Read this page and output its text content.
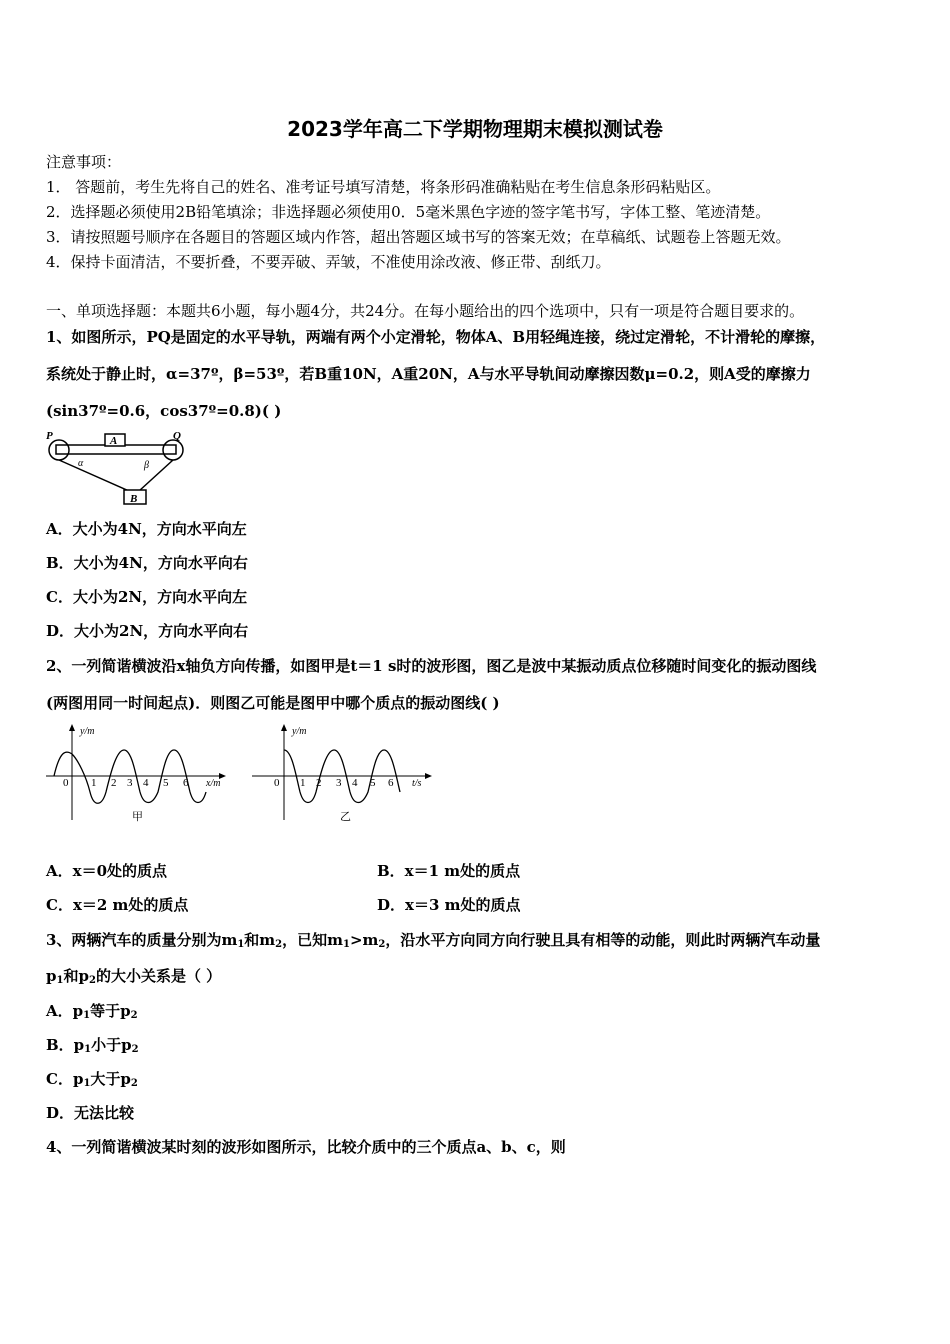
2023学年高二下学期物理期末模拟测试卷
注意事项：
1． 答题前，考生先将自己的姓名、准考证号填写清楚，将条形码准确粘贴在考生信息条形码粘贴区。
2．选择题必须使用2B铅笔填涂；非选择题必须使用0．5毫米黑色字迹的签字笔书写，字体工整、笔迹清楚。
3．请按照题号顺序在各题目的答题区域内作答，超出答题区域书写的答案无效；在草稿纸、试题卷上答题无效。
4．保持卡面清洁，不要折叠，不要弄破、弄皱，不准使用涂改液、修正带、刮纸刀。
一、单项选择题：本题共6小题，每小题4分，共24分。在每小题给出的四个选项中，只有一项是符合题目要求的。
1、如图所示，PQ是固定的水平导轨，两端有两个小定滑轮，物体A、B用轻绳连接，绕过定滑轮，不计滑轮的摩擦，
系统处于静止时，α=37º，β=53º，若B重10N，A重20N，A与水平导轨间动摩擦因数μ=0.2，则A受的摩擦力
(sin37º=0.6，cos37º=0.8)( )
P	Q
A
B
α	β
A．大小为4N，方向水平向左
B．大小为4N，方向水平向右
C．大小为2N，方向水平向左
D．大小为2N，方向水平向右
2、一列简谐横波沿x轴负方向传播，如图甲是t＝1 s时的波形图，图乙是波中某振动质点位移随时间变化的振动图线
(两图用同一时间起点)．则图乙可能是图甲中哪个质点的振动图线( )
y/m
x/m
0 1 2 3 4 5 6
甲
y/m
t/s
0 1 2 3 4 5 6
乙
A．x＝0处的质点	B．x＝1 m处的质点
C．x＝2 m处的质点	D．x＝3 m处的质点
3、两辆汽车的质量分别为$m_1$和$m_2$，已知$m_1>m_2$，沿水平方向同方向行驶且具有相等的动能，则此时两辆汽车动量
$p_1$和$p_2$的大小关系是（ ）
A．$p_1$等于$p_2$
B．$p_1$小于$p_2$
C．$p_1$大于$p_2$
D．无法比较
4、一列简谐横波某时刻的波形如图所示，比较介质中的三个质点a、b、c，则
